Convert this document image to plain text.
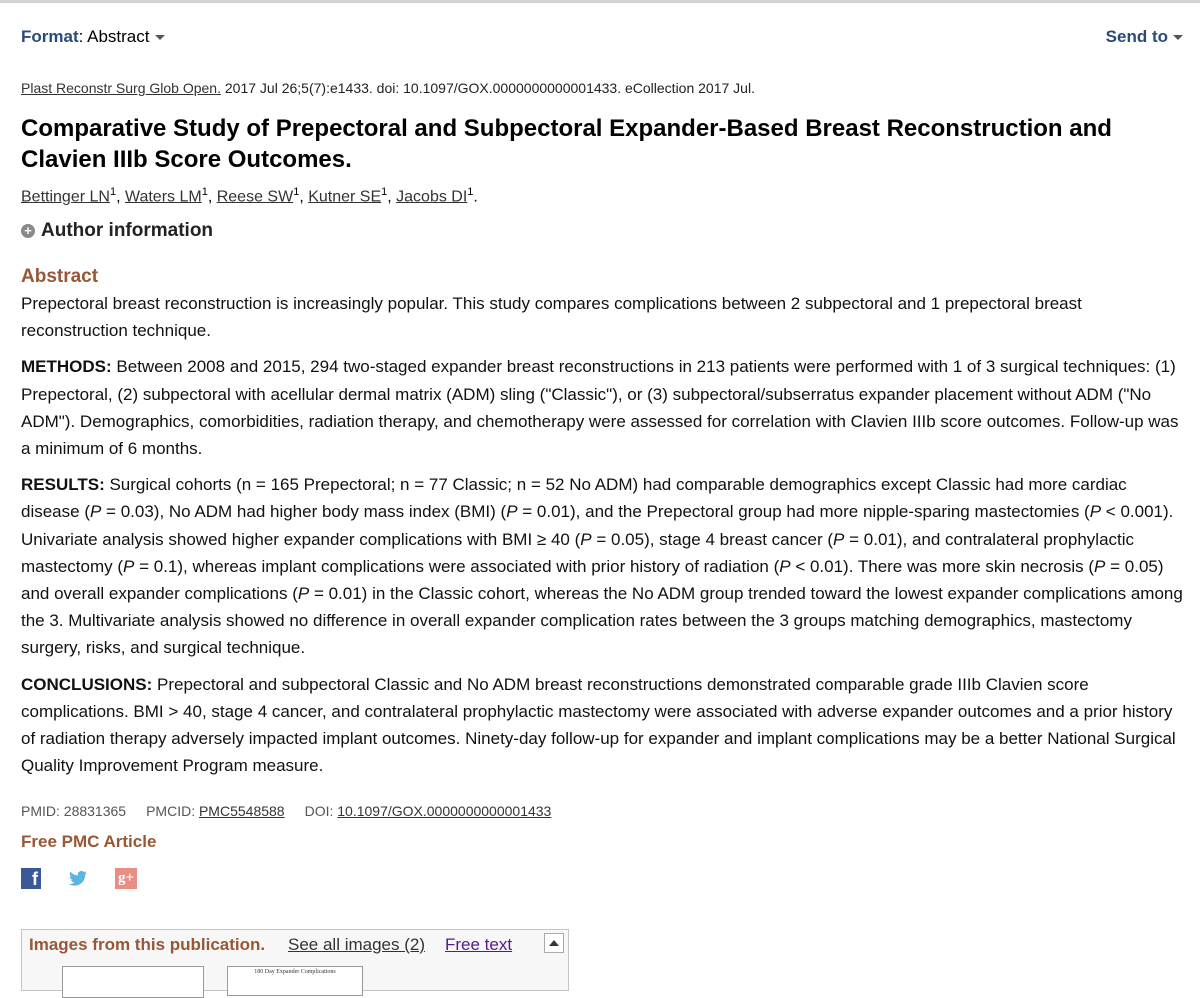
Format: Abstract	Send to
Plast Reconstr Surg Glob Open. 2017 Jul 26;5(7):e1433. doi: 10.1097/GOX.0000000000001433. eCollection 2017 Jul.
Comparative Study of Prepectoral and Subpectoral Expander-Based Breast Reconstruction and Clavien IIIb Score Outcomes.
Bettinger $LN^1$, Waters $LM^1$, Reese $SW^1$, Kutner $SE^1$, Jacobs $DI^1$.
+ Author information
Abstract

Prepectoral breast reconstruction is increasingly popular. This study compares complications between 2 subpectoral and 1 prepectoral breast reconstruction technique.

METHODS: Between 2008 and 2015, 294 two-staged expander breast reconstructions in 213 patients were performed with 1 of 3 surgical techniques: (1) Prepectoral, (2) subpectoral with acellular dermal matrix (ADM) sling ("Classic"), or (3) subpectoral/subserratus expander placement without ADM ("No ADM"). Demographics, comorbidities, radiation therapy, and chemotherapy were assessed for correlation with Clavien IIIb score outcomes. Follow-up was a minimum of 6 months.

RESULTS: Surgical cohorts (n = 165 Prepectoral; n = 77 Classic; n = 52 No ADM) had comparable demographics except Classic had more cardiac disease (P = 0.03), No ADM had higher body mass index (BMI) (P = 0.01), and the Prepectoral group had more nipple-sparing mastectomies (P < 0.001). Univariate analysis showed higher expander complications with BMI ≥ 40 (P = 0.05), stage 4 breast cancer (P = 0.01), and contralateral prophylactic mastectomy (P = 0.1), whereas implant complications were associated with prior history of radiation (P < 0.01). There was more skin necrosis (P = 0.05) and overall expander complications (P = 0.01) in the Classic cohort, whereas the No ADM group trended toward the lowest expander complications among the 3. Multivariate analysis showed no difference in overall expander complication rates between the 3 groups matching demographics, mastectomy surgery, risks, and surgical technique.

CONCLUSIONS: Prepectoral and subpectoral Classic and No ADM breast reconstructions demonstrated comparable grade IIIb Clavien score complications. BMI > 40, stage 4 cancer, and contralateral prophylactic mastectomy were associated with adverse expander outcomes and a prior history of radiation therapy adversely impacted implant outcomes. Ninety-day follow-up for expander and implant complications may be a better National Surgical Quality Improvement Program measure.

PMID: 28831365 PMCID: PMC5548588 DOI: 10.1097/GOX.0000000000001433
Free PMC Article
f	g+
Images from this publication. See all images (2) Free text
180 Day Expander Complications
